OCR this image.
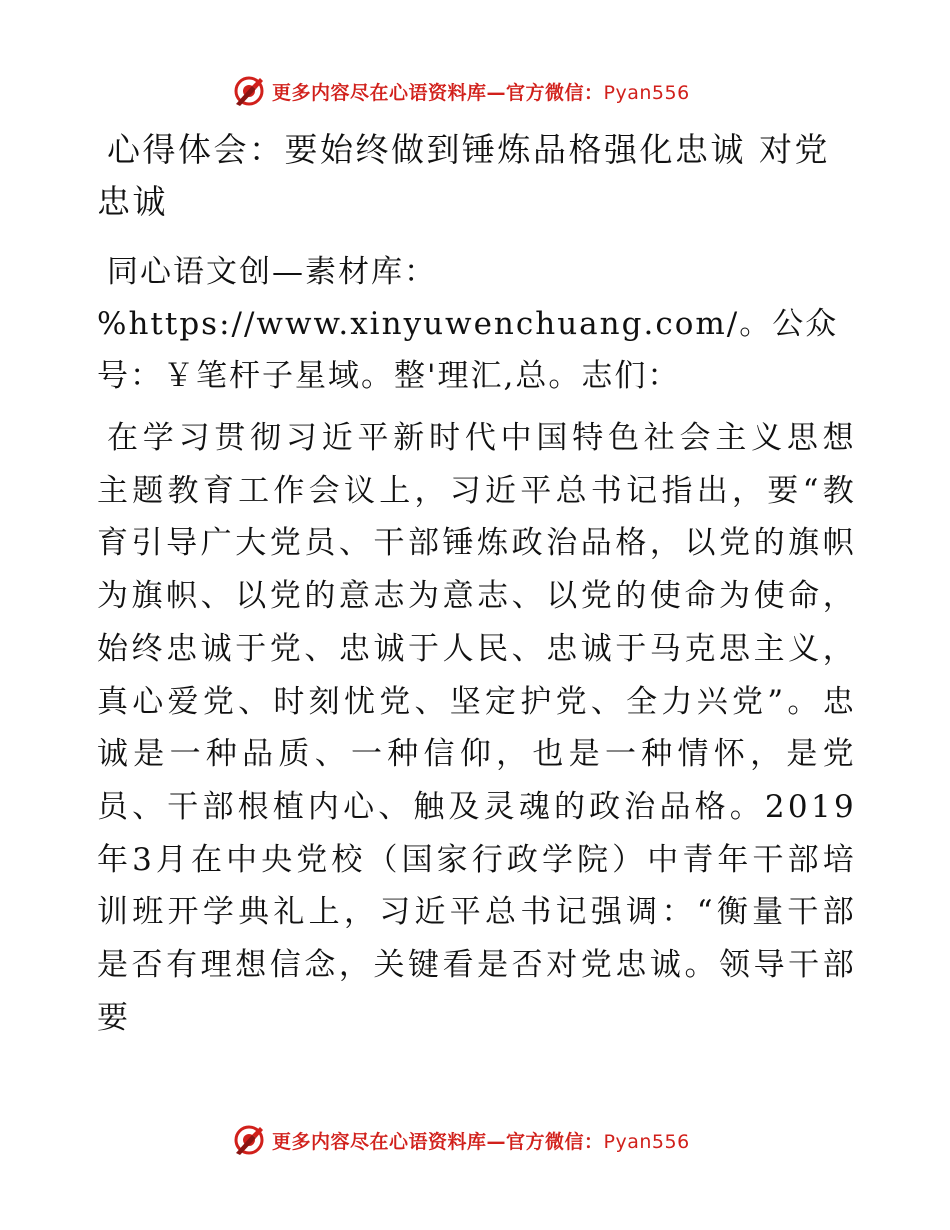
更多内容尽在心语资料库—官方微信：Pyan556
心得体会：要始终做到锤炼品格强化忠诚 对党忠诚

同心语文创—素材库：%https://www.xinyuwenchuang.com/。公众号：￥笔杆子星域。整'理汇,总。志们：

在学习贯彻习近平新时代中国特色社会主义思想主题教育工作会议上，习近平总书记指出，要“教育引导广大党员、干部锤炼政治品格，以党的旗帜为旗帜、以党的意志为意志、以党的使命为使命，始终忠诚于党、忠诚于人民、忠诚于马克思主义，真心爱党、时刻忧党、坚定护党、全力兴党”。忠诚是一种品质、一种信仰，也是一种情怀，是党员、干部根植内心、触及灵魂的政治品格。2019年3月在中央党校（国家行政学院）中青年干部培训班开学典礼上，习近平总书记强调：“衡量干部是否有理想信念，关键看是否对党忠诚。领导干部要

更多内容尽在心语资料库—官方微信：Pyan556
